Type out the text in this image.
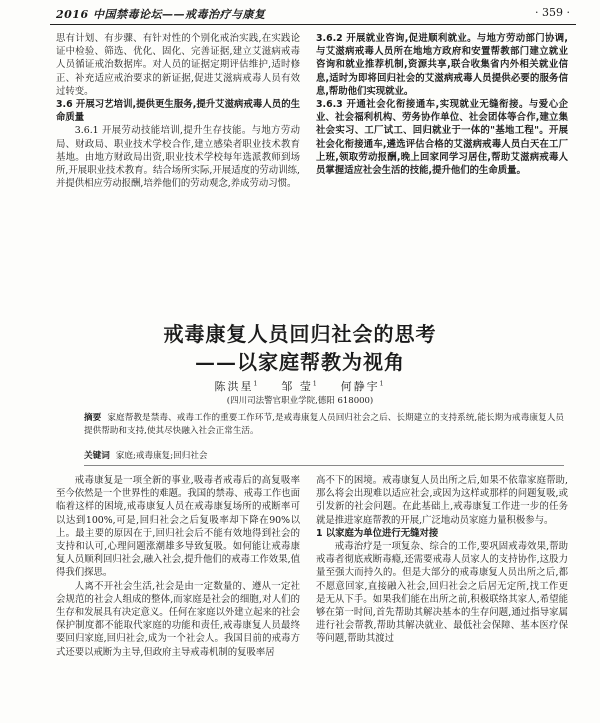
2016 中国禁毒论坛——戒毒治疗与康复	· 359 ·

思有计划、有步骤、有针对性的个别化戒治实践,在实践论证中检验、筛选、优化、固化、完善证据,建立艾滋病戒毒人员循证戒治数据库。对人员的证据定期评估维护,适时修正、补充适应戒治要求的新证据,促进艾滋病戒毒人员有效过转变。

3.6 开展习艺培训,提供更生服务,提升艾滋病戒毒人员的生命质量

3.6.1 开展劳动技能培训,提升生存技能。与地方劳动局、财政局、职业技术学校合作,建立感染者职业技术教育基地。由地方财政局出资,职业技术学校每年选派教师到场所,开展职业技术教育。结合场所实际,开展适度的劳动训练,并提供相应劳动报酬,培养他们的劳动观念,养成劳动习惯。

3.6.2 开展就业咨询,促进顺利就业。与地方劳动部门协调,与艾滋病戒毒人员所在地地方政府和安置帮教部门建立就业咨询和就业推荐机制,资源共享,联合收集省内外相关就业信息,适时为即将回归社会的艾滋病戒毒人员提供必要的服务信息,帮助他们实现就业。

3.6.3 开通社会化衔接通车,实现就业无缝衔接。与爱心企业、社会福利机构、劳务协作单位、社会团体等合作,建立集社会实习、工厂试工、回归就业于一体的"基地工程"。开展社会化衔接通车,遴选评估合格的艾滋病戒毒人员白天在工厂上班,领取劳动报酬,晚上回家同学习居住,帮助艾滋病戒毒人员掌握适应社会生活的技能,提升他们的生命质量。

戒毒康复人员回归社会的思考
——以家庭帮教为视角
陈洪星$^1$ 邹 莹$^1$ 何静宇$^1$
(四川司法警官职业学院,德阳 618000)
摘要 家庭帮教是禁毒、戒毒工作的重要工作环节,是戒毒康复人员回归社会之后、长期建立的支持系统,能长期为戒毒康复人员提供帮助和支持,使其尽快融入社会正常生活。
关键词 家庭;戒毒康复;回归社会

戒毒康复是一项全新的事业,吸毒者戒毒后的高复吸率至今依然是一个世界性的难题。我国的禁毒、戒毒工作也面临着这样的困境,戒毒康复人员在戒毒康复场所的戒断率可以达到100%,可是,回归社会之后复吸率却下降在90%以上。最主要的原因在于,回归社会后不能有效地得到社会的支持和认可,心理问题涨潮雄多导致复吸。如何能让戒毒康复人员顺利回归社会,融入社会,提升他们的戒毒工作效果,值得我们探思。

人离不开社会生活,社会是由一定数量的、遵从一定社会规范的社会人组成的整体,而家庭是社会的细胞,对人们的生存和发展具有决定意义。任何在家庭以外建立起来的社会保护制度都不能取代家庭的功能和责任,戒毒康复人员最终要回归家庭,回归社会,成为一个社会人。我国目前的戒毒方式还要以戒断为主导,但政府主导戒毒机制的复吸率居

高不下的困境。戒毒康复人员出所之后,如果不依靠家庭帮助,那么将会出现难以适应社会,或因为这样或那样的问题复吸,或引发新的社会问题。在此基础上,戒毒康复工作进一步的任务就是推进家庭帮教的开展,广泛地动员家庭力量积极参与。

1 以家庭为单位进行无缝对接

戒毒治疗是一项复杂、综合的工作,要巩固戒毒效果,帮助戒毒者彻底戒断毒瘾,还需要戒毒人员家人的支持协作,这股力量至强大而持久的。但是大部分的戒毒康复人员出所之后,都不愿意回家,直接融入社会,回归社会之后居无定所,找工作更是无从下手。如果我们能在出所之前,积极联络其家人,希望能够在第一时间,首先帮助其解决基本的生存问题,通过指导家属进行社会帮教,帮助其解决就业、最低社会保障、基本医疗保等问题,帮助其渡过
